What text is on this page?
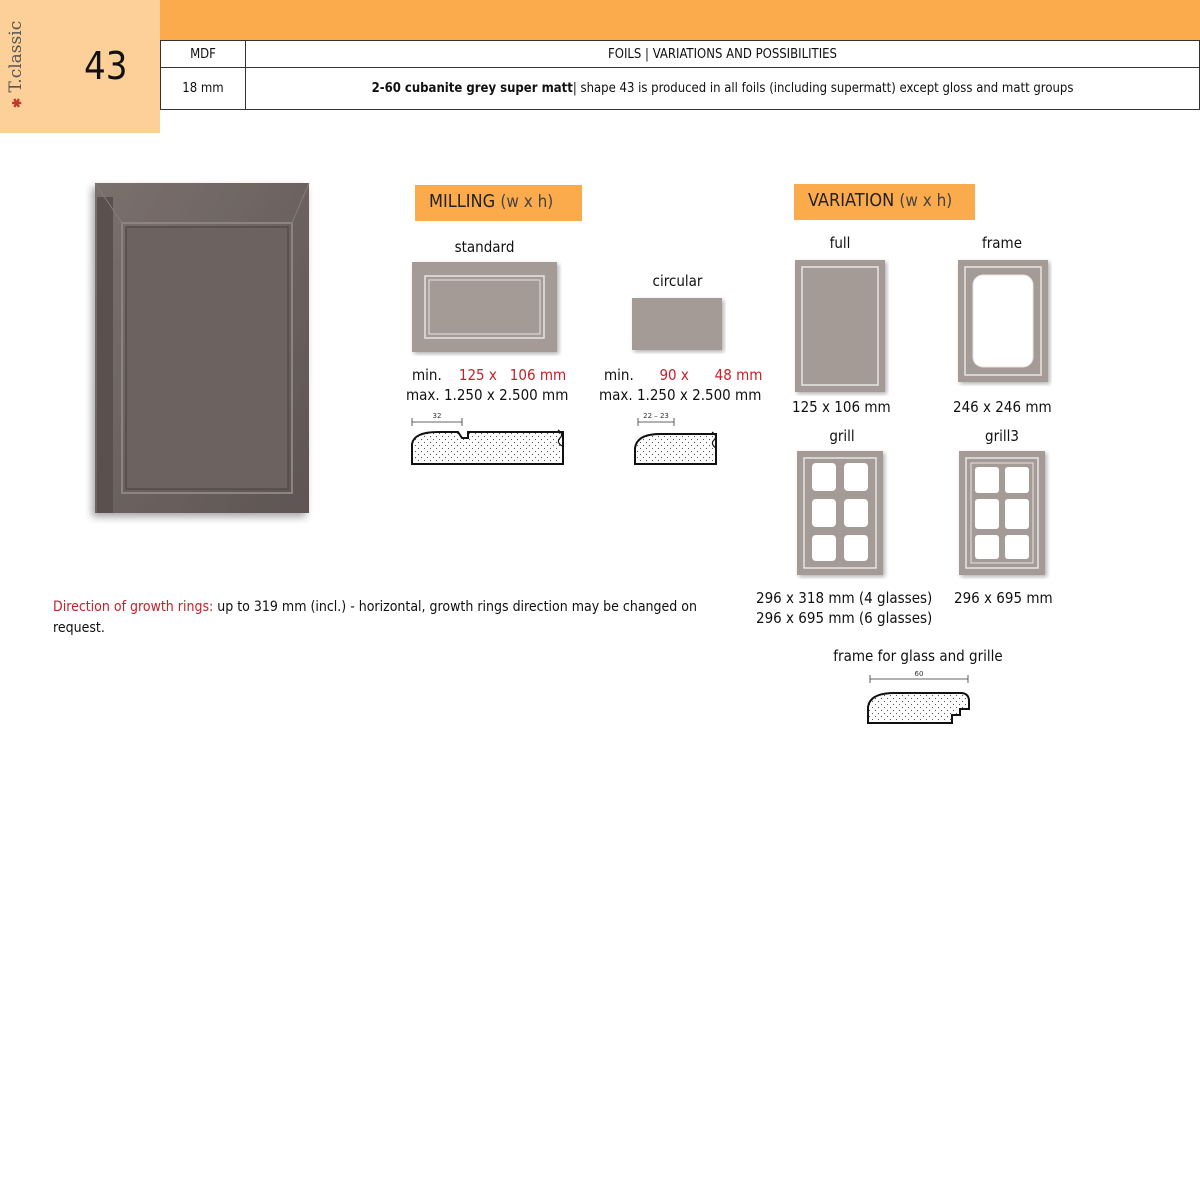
✱ T.classic 43	MDF	FOILS | VARIATIONS AND POSSIBILITIES
18 mm	2-60 cubanite grey super matt| shape 43 is produced in all foils (including supermatt) except gloss and matt groups
MILLING (w x h)
standard
min. 125 x 106 mm
max. 1.250 x 2.500 mm
32
circular
min. 90 x 48 mm
max. 1.250 x 2.500 mm
22 – 23
VARIATION (w x h)
full
125 x 106 mm
frame
246 x 246 mm
grill
296 x 318 mm (4 glasses)
296 x 695 mm (6 glasses)
grill3
296 x 695 mm
frame for glass and grille
60
Direction of growth rings: up to 319 mm (incl.) - horizontal, growth rings direction may be changed on request.
